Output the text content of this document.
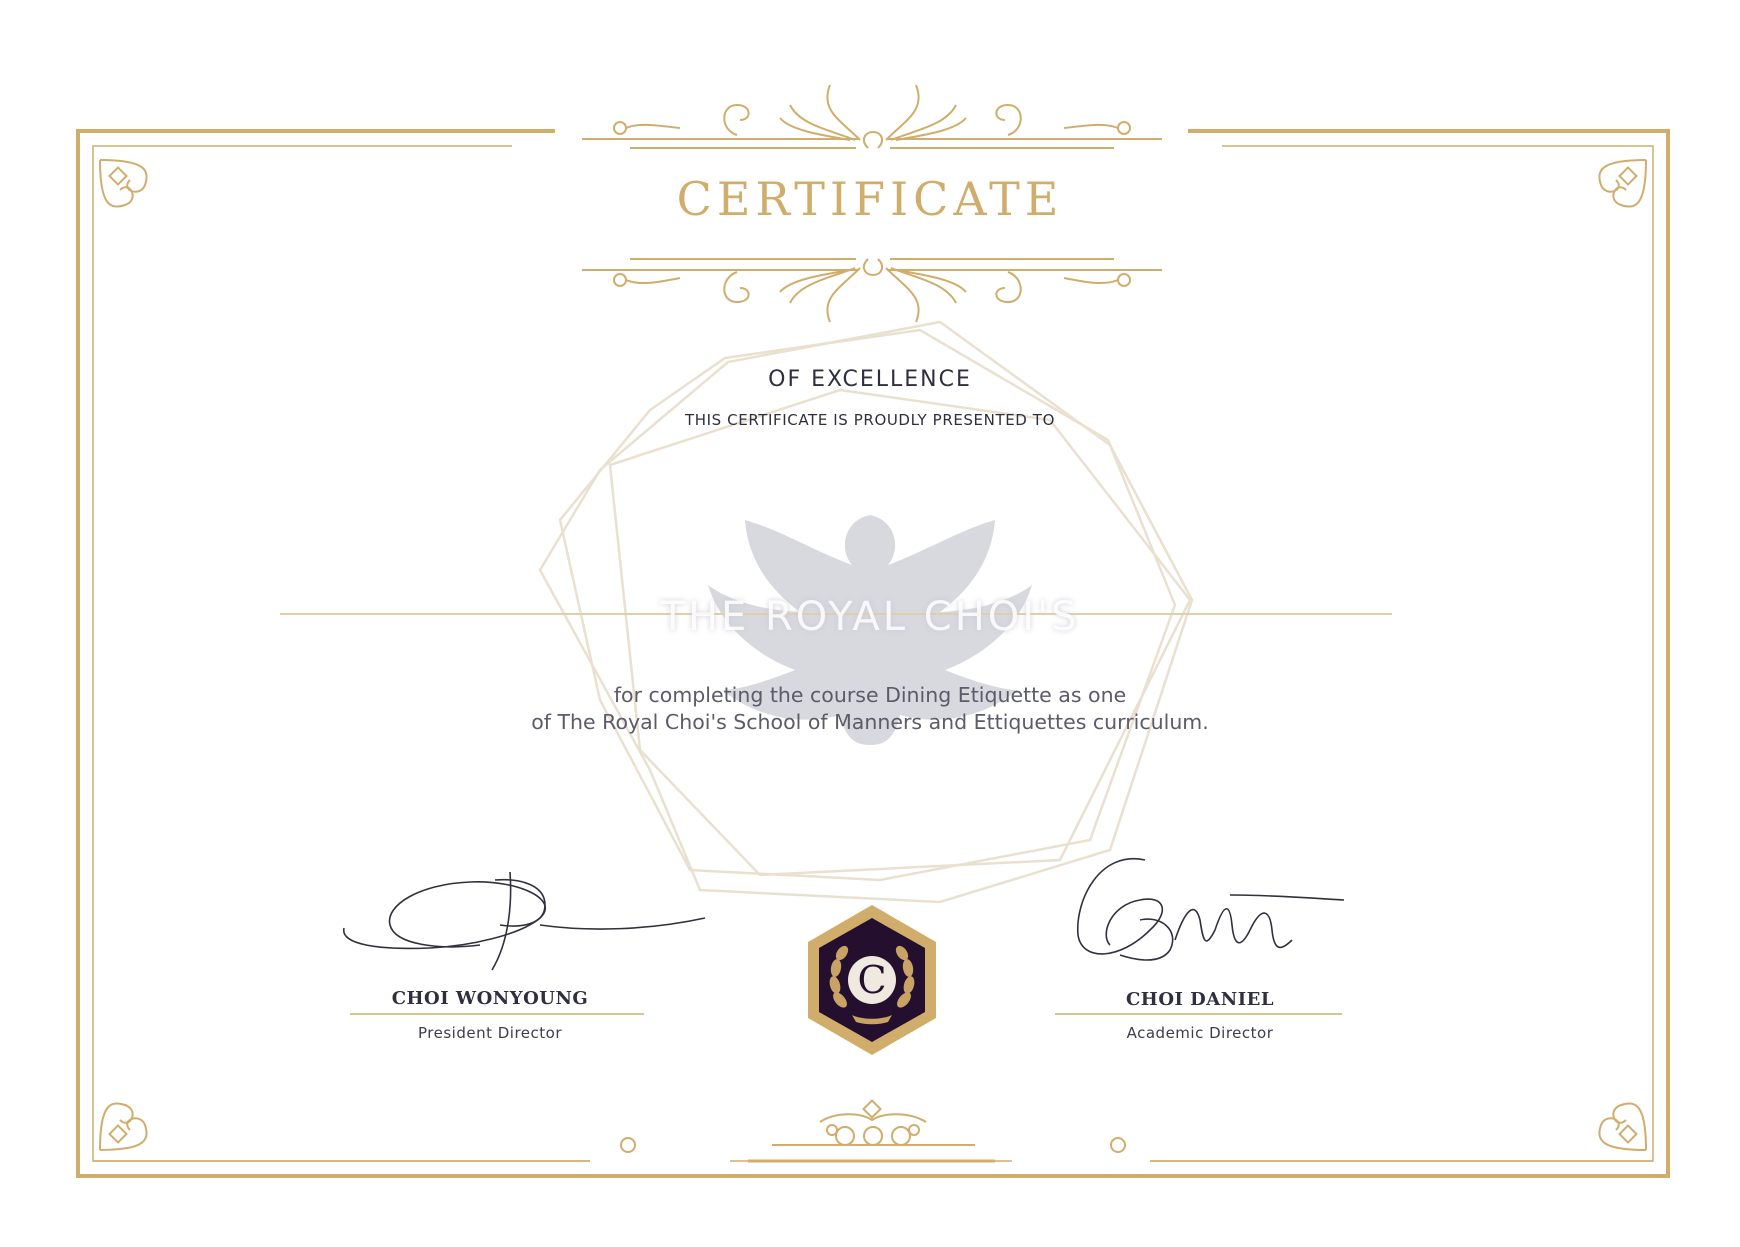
C
THE ROYAL CHOI'S
CERTIFICATE
OF EXCELLENCE
THIS CERTIFICATE IS PROUDLY PRESENTED TO
for completing the course Dining Etiquette as one
of The Royal Choi's School of Manners and Ettiquettes curriculum.
CHOI WONYOUNG
President Director
CHOI DANIEL
Academic Director
